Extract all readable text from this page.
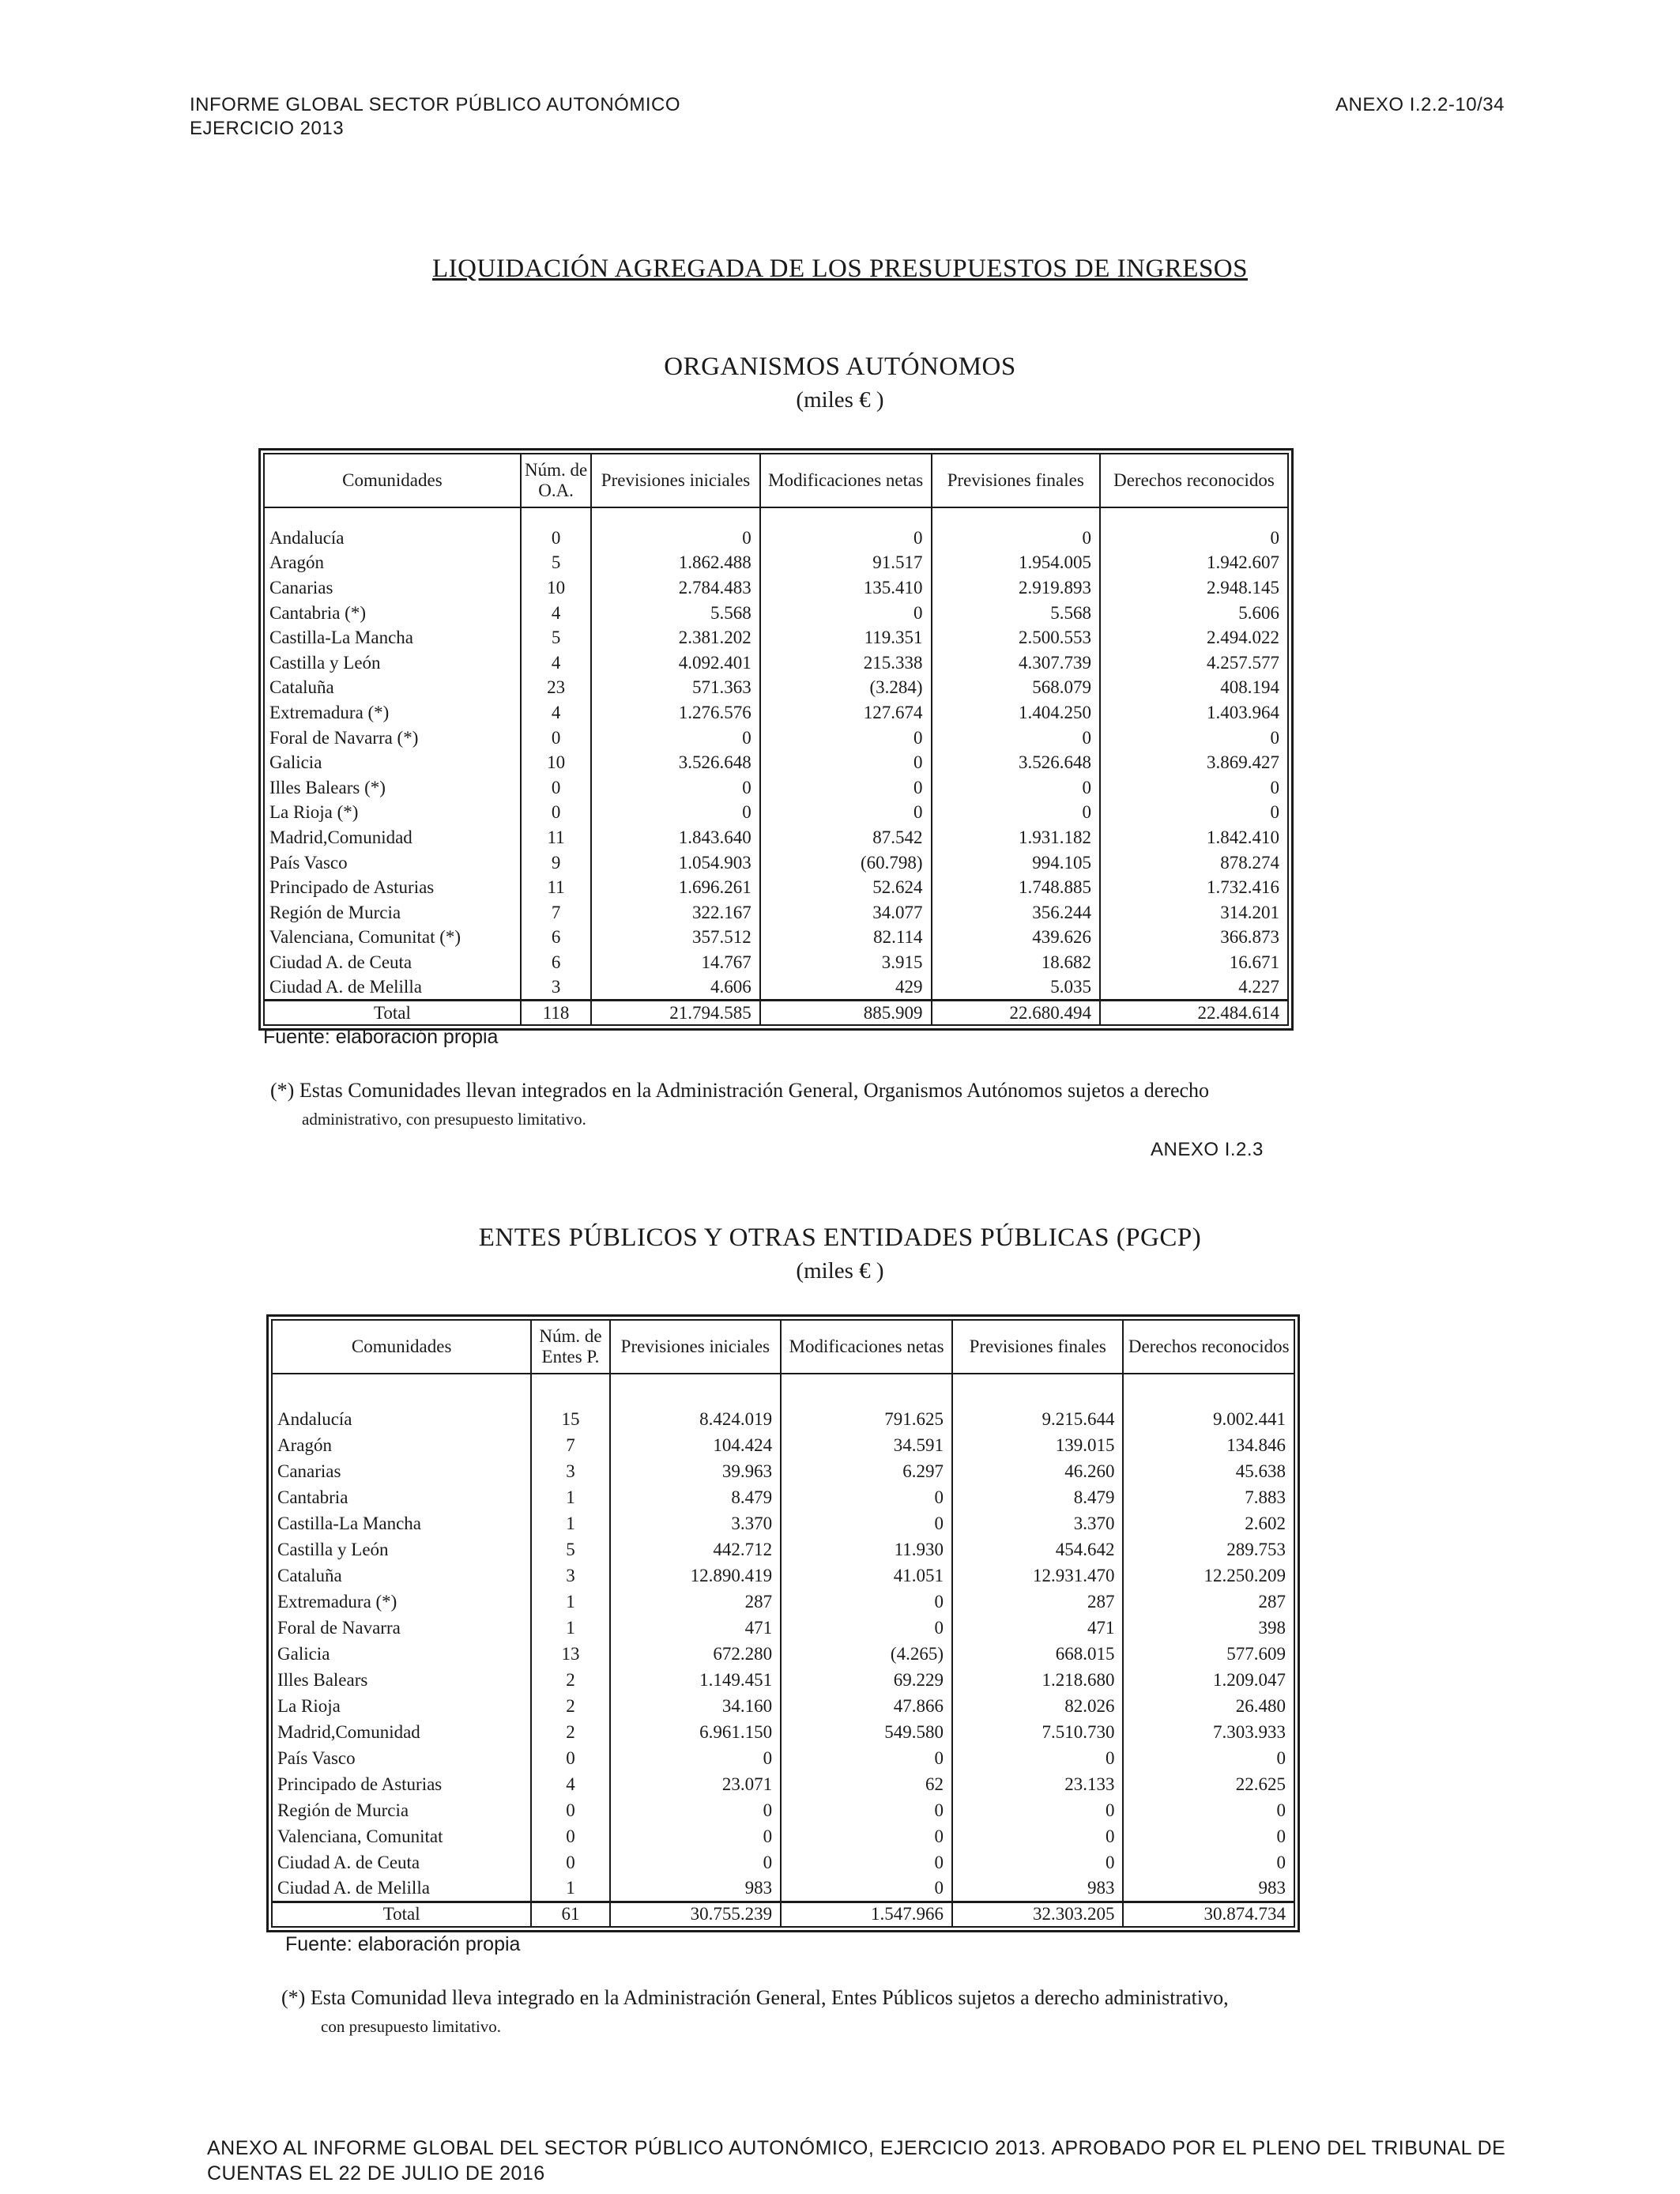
INFORME GLOBAL SECTOR PÚBLICO AUTONÓMICO
EJERCICIO 2013
ANEXO I.2.2-10/34
LIQUIDACIÓN AGREGADA DE LOS PRESUPUESTOS DE INGRESOS
ORGANISMOS AUTÓNOMOS
(miles € )
Comunidades	Núm. de O.A.	Previsiones iniciales	Modificaciones netas	Previsiones finales	Derechos reconocidos

Andalucía	0	0	0	0	0
Aragón	5	1.862.488	91.517	1.954.005	1.942.607
Canarias	10	2.784.483	135.410	2.919.893	2.948.145
Cantabria (*)	4	5.568	0	5.568	5.606
Castilla-La Mancha	5	2.381.202	119.351	2.500.553	2.494.022
Castilla y León	4	4.092.401	215.338	4.307.739	4.257.577
Cataluña	23	571.363	(3.284)	568.079	408.194
Extremadura (*)	4	1.276.576	127.674	1.404.250	1.403.964
Foral de Navarra (*)	0	0	0	0	0
Galicia	10	3.526.648	0	3.526.648	3.869.427
Illes Balears (*)	0	0	0	0	0
La Rioja (*)	0	0	0	0	0
Madrid,Comunidad	11	1.843.640	87.542	1.931.182	1.842.410
País Vasco	9	1.054.903	(60.798)	994.105	878.274
Principado de Asturias	11	1.696.261	52.624	1.748.885	1.732.416
Región de Murcia	7	322.167	34.077	356.244	314.201
Valenciana, Comunitat (*)	6	357.512	82.114	439.626	366.873
Ciudad A. de Ceuta	6	14.767	3.915	18.682	16.671
Ciudad A. de Melilla	3	4.606	429	5.035	4.227
Total	118	21.794.585	885.909	22.680.494	22.484.614
Fuente: elaboración propia
(*) Estas Comunidades llevan integrados en la Administración General, Organismos Autónomos sujetos a derecho
administrativo, con presupuesto limitativo.
ANEXO I.2.3
ENTES PÚBLICOS Y OTRAS ENTIDADES PÚBLICAS (PGCP)
(miles € )
Comunidades	Núm. de Entes P.	Previsiones iniciales	Modificaciones netas	Previsiones finales	Derechos reconocidos

Andalucía	15	8.424.019	791.625	9.215.644	9.002.441
Aragón	7	104.424	34.591	139.015	134.846
Canarias	3	39.963	6.297	46.260	45.638
Cantabria	1	8.479	0	8.479	7.883
Castilla-La Mancha	1	3.370	0	3.370	2.602
Castilla y León	5	442.712	11.930	454.642	289.753
Cataluña	3	12.890.419	41.051	12.931.470	12.250.209
Extremadura (*)	1	287	0	287	287
Foral de Navarra	1	471	0	471	398
Galicia	13	672.280	(4.265)	668.015	577.609
Illes Balears	2	1.149.451	69.229	1.218.680	1.209.047
La Rioja	2	34.160	47.866	82.026	26.480
Madrid,Comunidad	2	6.961.150	549.580	7.510.730	7.303.933
País Vasco	0	0	0	0	0
Principado de Asturias	4	23.071	62	23.133	22.625
Región de Murcia	0	0	0	0	0
Valenciana, Comunitat	0	0	0	0	0
Ciudad A. de Ceuta	0	0	0	0	0
Ciudad A. de Melilla	1	983	0	983	983
Total	61	30.755.239	1.547.966	32.303.205	30.874.734
Fuente: elaboración propia
(*) Esta Comunidad lleva integrado en la Administración General, Entes Públicos sujetos a derecho administrativo,
con presupuesto limitativo.
ANEXO AL INFORME GLOBAL DEL SECTOR PÚBLICO AUTONÓMICO, EJERCICIO 2013. APROBADO POR EL PLENO DEL TRIBUNAL DE
CUENTAS EL 22 DE JULIO DE 2016
